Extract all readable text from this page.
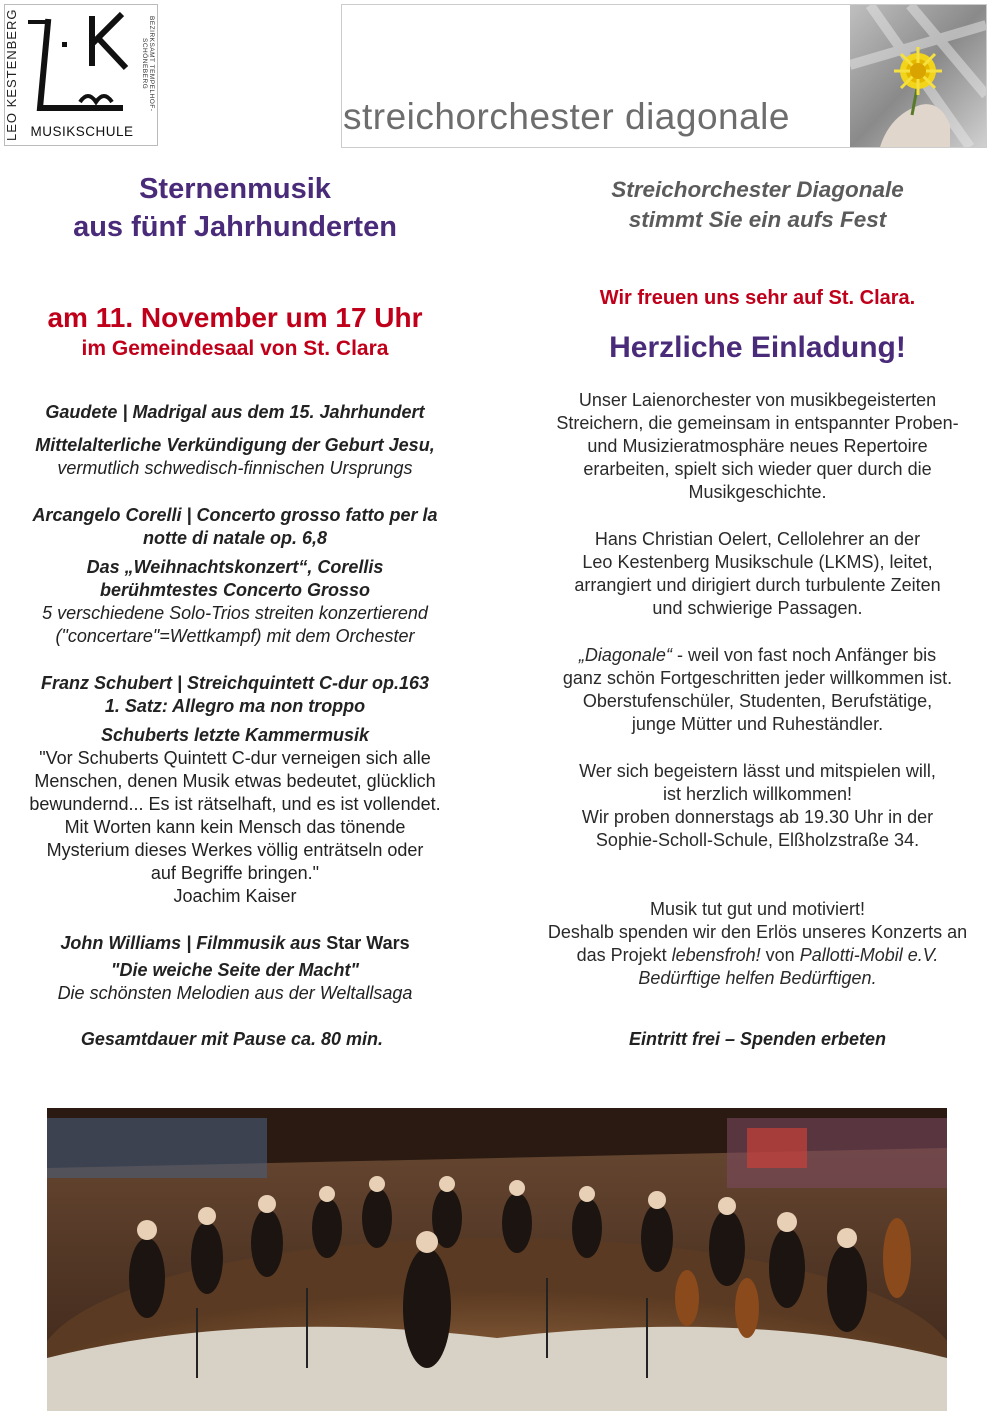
LEO KESTENBERG	BEZIRKSAMT TEMPELHOF-SCHÖNEBERG
MUSIKSCHULE	streichorchester diagonale

Sternenmusik
aus fünf Jahrhunderten

am 11. November um 17 Uhr

im Gemeindesaal von St. Clara

Gaudete | Madrigal aus dem 15. Jahrhundert

Mittelalterliche Verkündigung der Geburt Jesu,

vermutlich schwedisch-finnischen Ursprungs

Arcangelo Corelli | Concerto grosso fatto per la

notte di natale op. 6,8

Das „Weihnachtskonzert“, Corellis

berühmtestes Concerto Grosso

5 verschiedene Solo-Trios streiten konzertierend

("concertare"=Wettkampf) mit dem Orchester

Franz Schubert | Streichquintett C-dur op.163

1. Satz: Allegro ma non troppo

Schuberts letzte Kammermusik

"Vor Schuberts Quintett C-dur verneigen sich alle

Menschen, denen Musik etwas bedeutet, glücklich

bewundernd... Es ist rätselhaft, und es ist vollendet.

Mit Worten kann kein Mensch das tönende

Mysterium dieses Werkes völlig enträtseln oder

auf Begriffe bringen."

Joachim Kaiser

John Williams | Filmmusik aus Star Wars

"Die weiche Seite der Macht"

Die schönsten Melodien aus der Weltallsaga

Gesamtdauer mit Pause ca. 80 min.

Streichorchester Diagonale
stimmt Sie ein aufs Fest

Wir freuen uns sehr auf St. Clara.

Herzliche Einladung!

Unser Laienorchester von musikbegeisterten

Streichern, die gemeinsam in entspannter Proben-

und Musizieratmosphäre neues Repertoire

erarbeiten, spielt sich wieder quer durch die

Musikgeschichte.

Hans Christian Oelert, Cellolehrer an der

Leo Kestenberg Musikschule (LKMS), leitet,

arrangiert und dirigiert durch turbulente Zeiten

und schwierige Passagen.

„Diagonale“ - weil von fast noch Anfänger bis

ganz schön Fortgeschritten jeder willkommen ist.

Oberstufenschüler, Studenten, Berufstätige,

junge Mütter und Ruheständler.

Wer sich begeistern lässt und mitspielen will,

ist herzlich willkommen!

Wir proben donnerstags ab 19.30 Uhr in der

Sophie-Scholl-Schule, Elßholzstraße 34.

Musik tut gut und motiviert!

Deshalb spenden wir den Erlös unseres Konzerts an

das Projekt lebensfroh! von Pallotti-Mobil e.V.

Bedürftige helfen Bedürftigen.

Eintritt frei – Spenden erbeten
